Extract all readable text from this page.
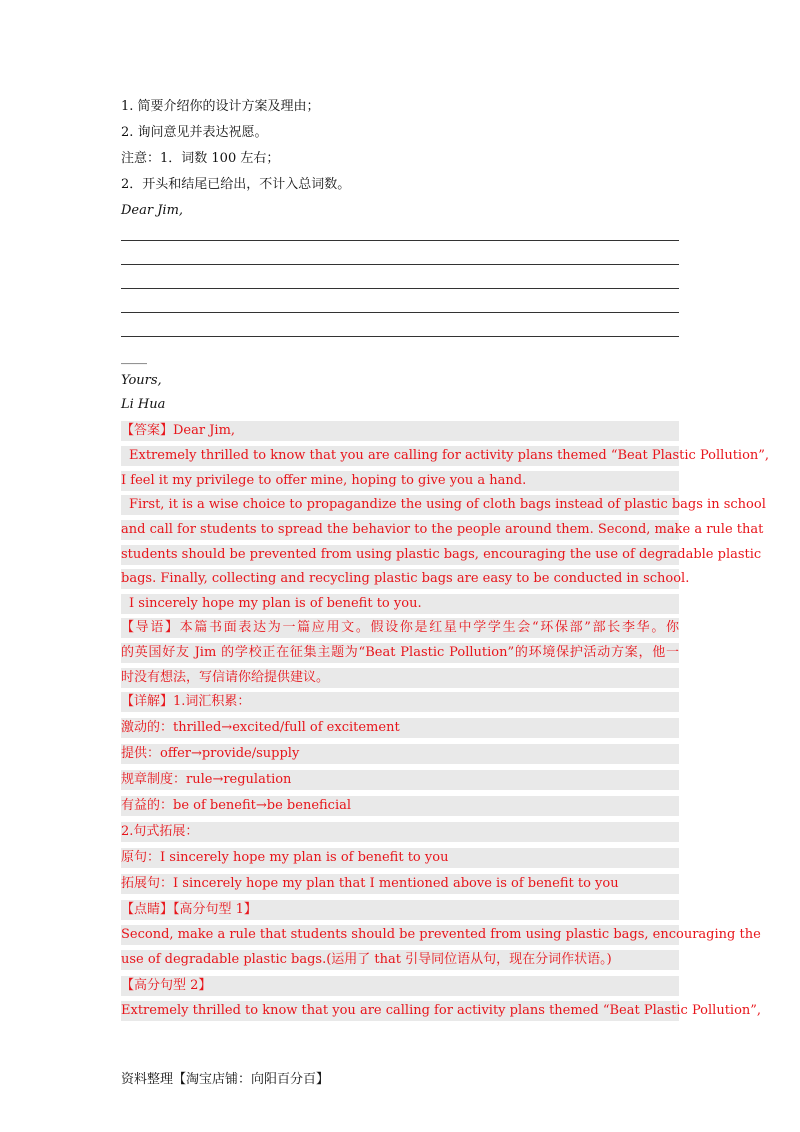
1. 简要介绍你的设计方案及理由；
2. 询问意见并表达祝愿。
注意：1．词数 100 左右；
2．开头和结尾已给出，不计入总词数。
Dear Jim,
____
Yours,
Li Hua
【答案】Dear Jim,
Extremely thrilled to know that you are calling for activity plans themed “Beat Plastic Pollution”,
I feel it my privilege to offer mine, hoping to give you a hand.
First, it is a wise choice to propagandize the using of cloth bags instead of plastic bags in school
and call for students to spread the behavior to the people around them. Second, make a rule that
students should be prevented from using plastic bags, encouraging the use of degradable plastic
bags. Finally, collecting and recycling plastic bags are easy to be conducted in school.
I sincerely hope my plan is of benefit to you.
【导语】本篇书面表达为一篇应用文。假设你是红星中学学生会“环保部”部长李华。你
的英国好友 Jim 的学校正在征集主题为“Beat Plastic Pollution”的环境保护活动方案，他一
时没有想法，写信请你给提供建议。
【详解】1.词汇积累：
激动的：thrilled→excited/full of excitement
提供：offer→provide/supply
规章制度：rule→regulation
有益的：be of benefit→be beneficial
2.句式拓展：
原句：I sincerely hope my plan is of benefit to you
拓展句：I sincerely hope my plan that I mentioned above is of benefit to you
【点睛】【高分句型 1】
Second, make a rule that students should be prevented from using plastic bags, encouraging the
use of degradable plastic bags.(运用了 that 引导同位语从句，现在分词作状语。)
【高分句型 2】
Extremely thrilled to know that you are calling for activity plans themed “Beat Plastic Pollution”,
资料整理【淘宝店铺：向阳百分百】
